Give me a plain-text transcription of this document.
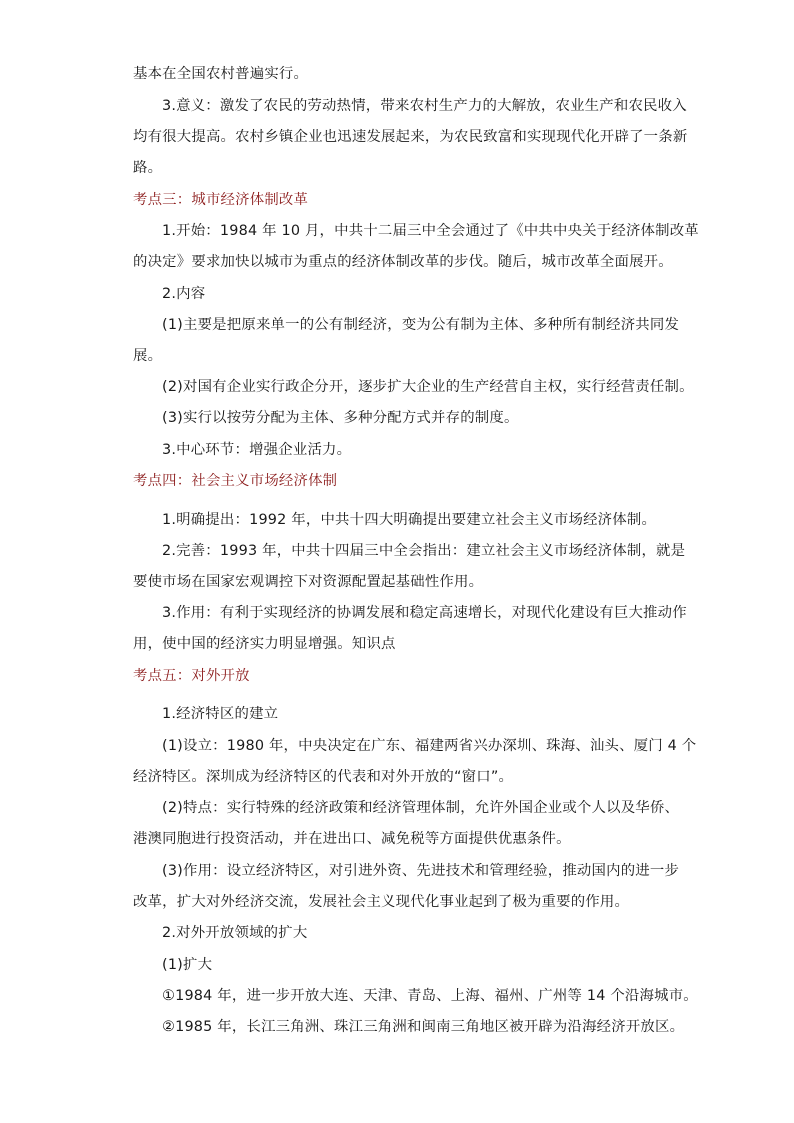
基本在全国农村普遍实行。
3.意义：激发了农民的劳动热情，带来农村生产力的大解放，农业生产和农民收入
均有很大提高。农村乡镇企业也迅速发展起来，为农民致富和实现现代化开辟了一条新
路。
考点三：城市经济体制改革
1.开始：1984 年 10 月，中共十二届三中全会通过了《中共中央关于经济体制改革
的决定》要求加快以城市为重点的经济体制改革的步伐。随后，城市改革全面展开。
2.内容
(1)主要是把原来单一的公有制经济，变为公有制为主体、多种所有制经济共同发
展。
(2)对国有企业实行政企分开，逐步扩大企业的生产经营自主权，实行经营责任制。
(3)实行以按劳分配为主体、多种分配方式并存的制度。
3.中心环节：增强企业活力。
考点四：社会主义市场经济体制
1.明确提出：1992 年，中共十四大明确提出要建立社会主义市场经济体制。
2.完善：1993 年，中共十四届三中全会指出：建立社会主义市场经济体制，就是
要使市场在国家宏观调控下对资源配置起基础性作用。
3.作用：有利于实现经济的协调发展和稳定高速增长，对现代化建设有巨大推动作
用，使中国的经济实力明显增强。知识点
考点五：对外开放
1.经济特区的建立
(1)设立：1980 年，中央决定在广东、福建两省兴办深圳、珠海、汕头、厦门 4 个
经济特区。深圳成为经济特区的代表和对外开放的“窗口”。
(2)特点：实行特殊的经济政策和经济管理体制，允许外国企业或个人以及华侨、
港澳同胞进行投资活动，并在进出口、减免税等方面提供优惠条件。
(3)作用：设立经济特区，对引进外资、先进技术和管理经验，推动国内的进一步
改革，扩大对外经济交流，发展社会主义现代化事业起到了极为重要的作用。
2.对外开放领域的扩大
(1)扩大
①1984 年，进一步开放大连、天津、青岛、上海、福州、广州等 14 个沿海城市。
②1985 年，长江三角洲、珠江三角洲和闽南三角地区被开辟为沿海经济开放区。
